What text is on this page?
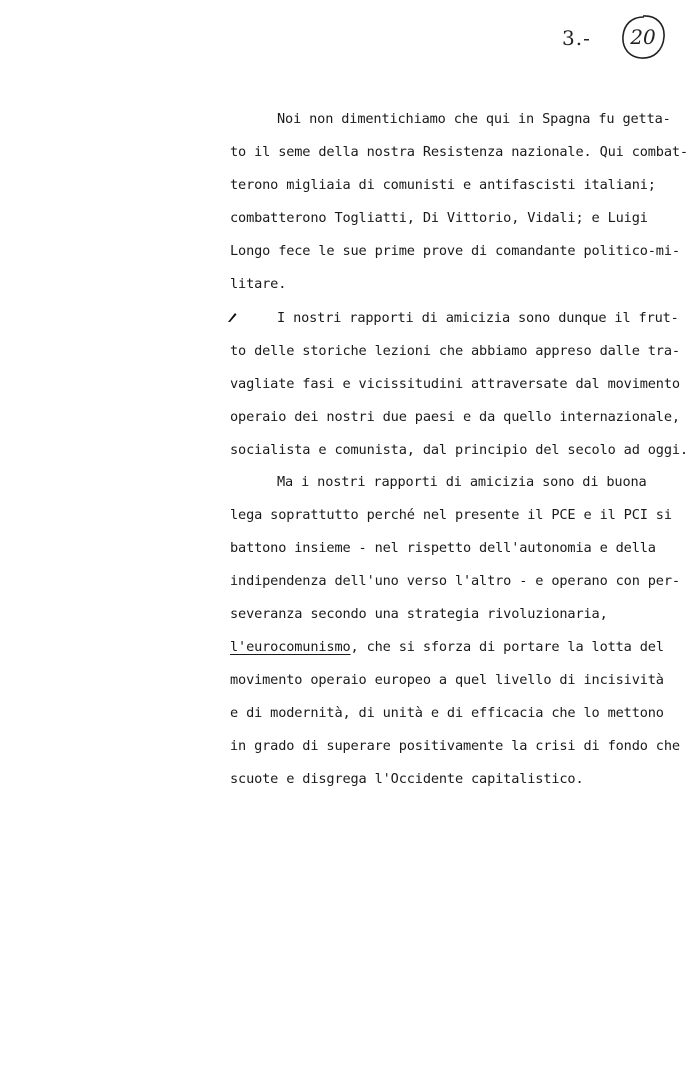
3.- 20
Noi non dimentichiamo che qui in Spagna fu getta-
to il seme della nostra Resistenza nazionale. Qui combat-
terono migliaia di comunisti e antifascisti italiani;
combatterono Togliatti, Di Vittorio, Vidali; e Luigi
Longo fece le sue prime prove di comandante politico-mi-
litare.
I nostri rapporti di amicizia sono dunque il frut-
to delle storiche lezioni che abbiamo appreso dalle tra-
vagliate fasi e vicissitudini attraversate dal movimento
operaio dei nostri due paesi e da quello internazionale,
socialista e comunista, dal principio del secolo ad oggi.
Ma i nostri rapporti di amicizia sono di buona
lega soprattutto perché nel presente il PCE e il PCI si
battono insieme - nel rispetto dell'autonomia e della
indipendenza dell'uno verso l'altro - e operano con per-
severanza secondo una strategia rivoluzionaria,
l'eurocomunismo, che si sforza di portare la lotta del
movimento operaio europeo a quel livello di incisività
e di modernità, di unità e di efficacia che lo mettono
in grado di superare positivamente la crisi di fondo che
scuote e disgrega l'Occidente capitalistico.
